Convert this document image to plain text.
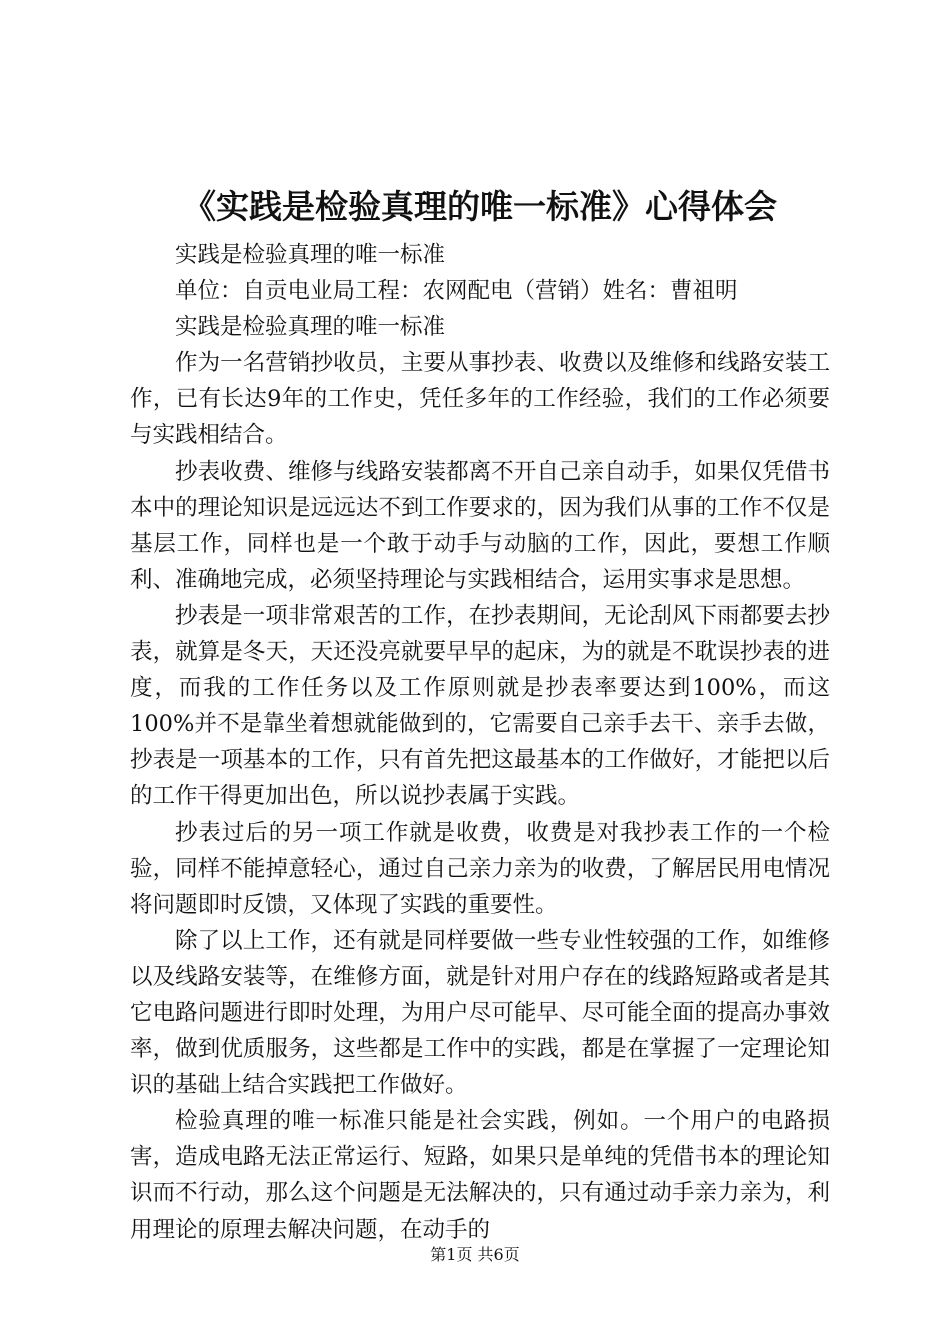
《实践是检验真理的唯一标准》心得体会

实践是检验真理的唯一标准

单位：自贡电业局工程：农网配电（营销）姓名：曹祖明

实践是检验真理的唯一标准

作为一名营销抄收员，主要从事抄表、收费以及维修和线路安装工作，已有长达9年的工作史，凭任多年的工作经验，我们的工作必须要与实践相结合。

抄表收费、维修与线路安装都离不开自己亲自动手，如果仅凭借书本中的理论知识是远远达不到工作要求的，因为我们从事的工作不仅是基层工作，同样也是一个敢于动手与动脑的工作，因此，要想工作顺利、准确地完成，必须坚持理论与实践相结合，运用实事求是思想。

抄表是一项非常艰苦的工作，在抄表期间，无论刮风下雨都要去抄表，就算是冬天，天还没亮就要早早的起床，为的就是不耽误抄表的进度，而我的工作任务以及工作原则就是抄表率要达到100%，而这100%并不是靠坐着想就能做到的，它需要自己亲手去干、亲手去做，抄表是一项基本的工作，只有首先把这最基本的工作做好，才能把以后的工作干得更加出色，所以说抄表属于实践。

抄表过后的另一项工作就是收费，收费是对我抄表工作的一个检验，同样不能掉意轻心，通过自己亲力亲为的收费，了解居民用电情况将问题即时反馈，又体现了实践的重要性。

除了以上工作，还有就是同样要做一些专业性较强的工作，如维修以及线路安装等，在维修方面，就是针对用户存在的线路短路或者是其它电路问题进行即时处理，为用户尽可能早、尽可能全面的提高办事效率，做到优质服务，这些都是工作中的实践，都是在掌握了一定理论知识的基础上结合实践把工作做好。

检验真理的唯一标准只能是社会实践，例如。一个用户的电路损害，造成电路无法正常运行、短路，如果只是单纯的凭借书本的理论知识而不行动，那么这个问题是无法解决的，只有通过动手亲力亲为，利用理论的原理去解决问题，在动手的

第1页 共6页
